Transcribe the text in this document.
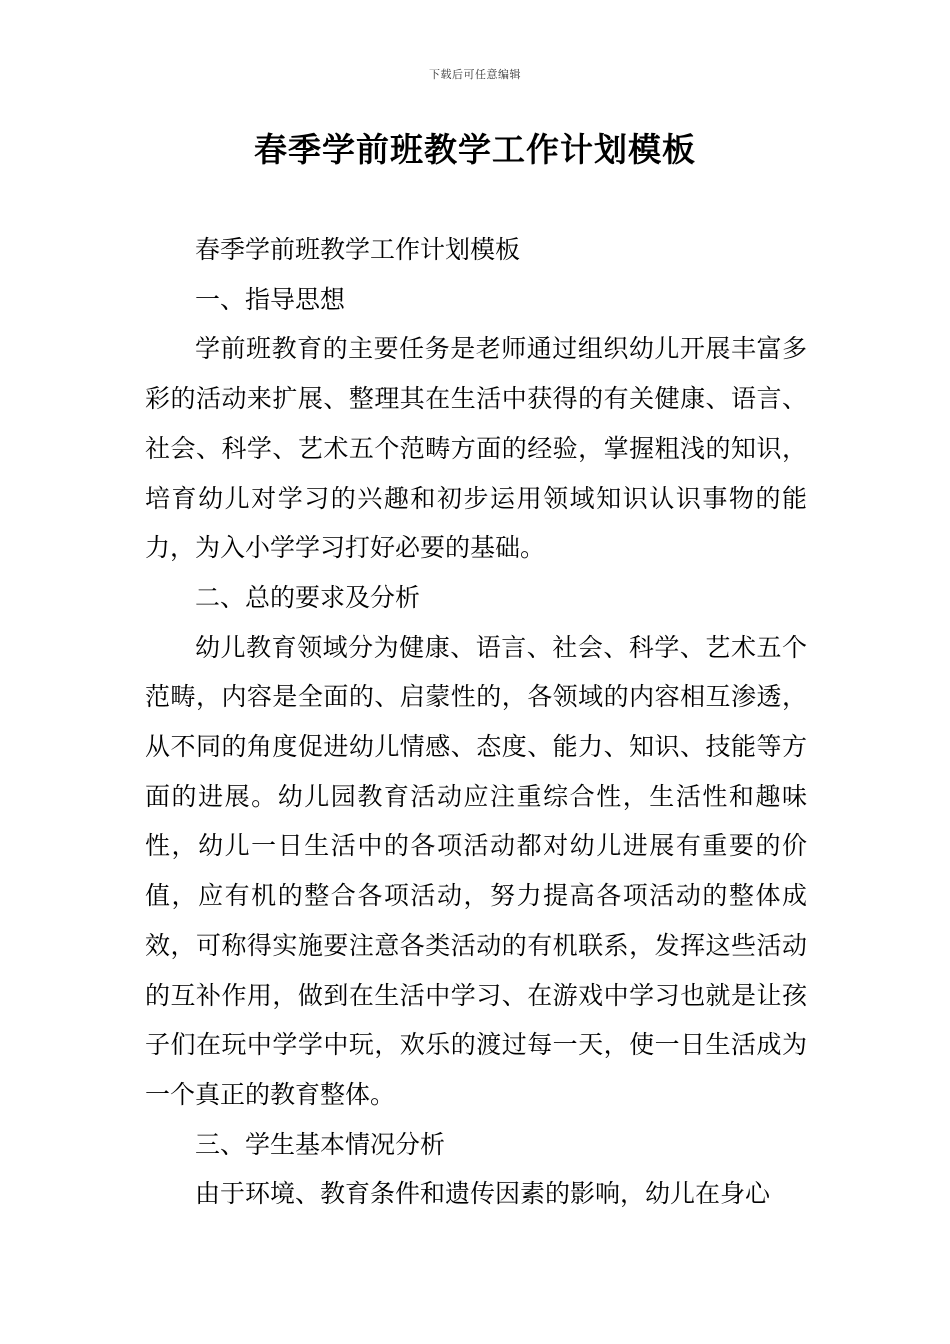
下载后可任意编辑
春季学前班教学工作计划模板

春季学前班教学工作计划模板

一、指导思想

学前班教育的主要任务是老师通过组织幼儿开展丰富多彩的活动来扩展、整理其在生活中获得的有关健康、语言、社会、科学、艺术五个范畴方面的经验，掌握粗浅的知识，培育幼儿对学习的兴趣和初步运用领域知识认识事物的能力，为入小学学习打好必要的基础。

二、总的要求及分析

幼儿教育领域分为健康、语言、社会、科学、艺术五个范畴，内容是全面的、启蒙性的，各领域的内容相互渗透，从不同的角度促进幼儿情感、态度、能力、知识、技能等方面的进展。幼儿园教育活动应注重综合性，生活性和趣味性，幼儿一日生活中的各项活动都对幼儿进展有重要的价值，应有机的整合各项活动，努力提高各项活动的整体成效，可称得实施要注意各类活动的有机联系，发挥这些活动的互补作用，做到在生活中学习、在游戏中学习也就是让孩子们在玩中学学中玩，欢乐的渡过每一天，使一日生活成为一个真正的教育整体。

三、学生基本情况分析

由于环境、教育条件和遗传因素的影响，幼儿在身心
